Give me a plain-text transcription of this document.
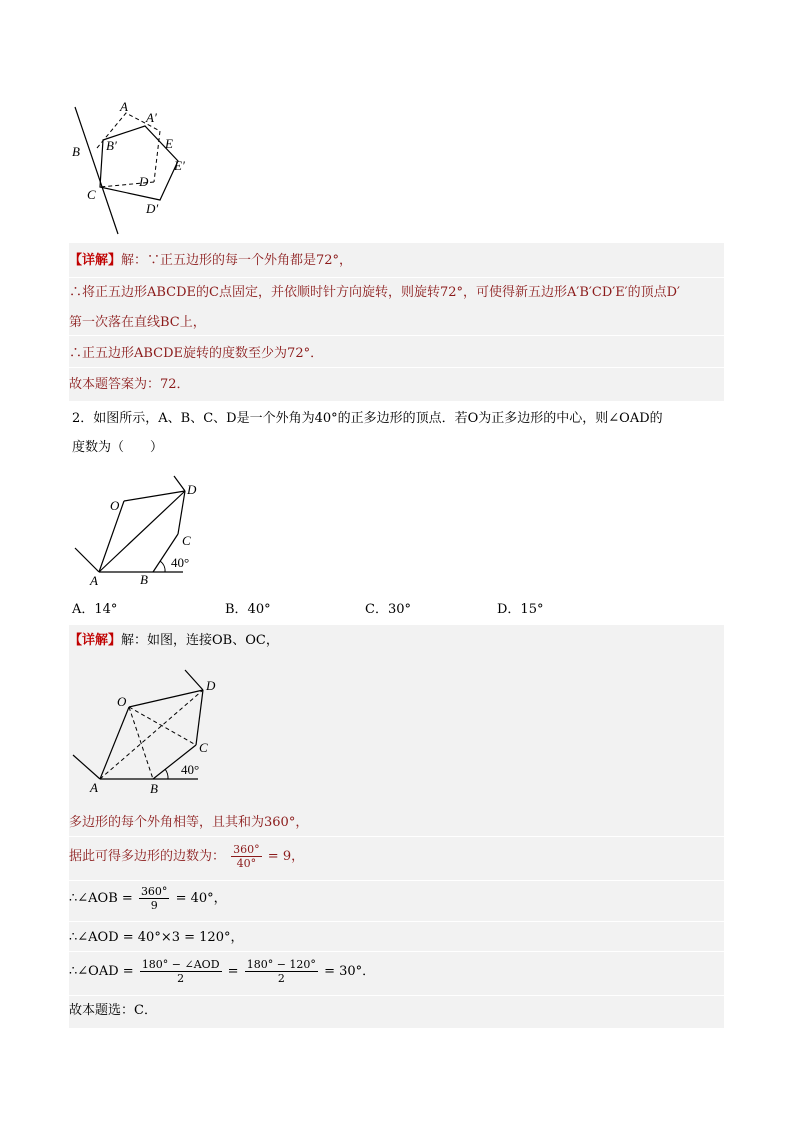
A
A′
B B′
C
D
D′
E
E′
【详解】解：∵正五边形的每一个外角都是72°，
∴将正五边形ABCDE的C点固定，并依顺时针方向旋转，则旋转72°，可使得新五边形A′B′CD′E′的顶点D′
第一次落在直线BC上，
∴正五边形ABCDE旋转的度数至少为72°．
故本题答案为：72．
2．如图所示，A、B、C、D是一个外角为40°的正多边形的顶点．若O为正多边形的中心，则∠OAD的
度数为（　　）
O
D
C
A	B
40°
A．14°	B．40°	C．30°	D．15°
【详解】解：如图，连接OB、OC，
O
D
C
A	B
40°
多边形的每个外角相等，且其和为360°，
据此可得多边形的边数为： $\frac{360^\circ}{40^\circ} = 9$，
∴∠AOB = $\frac{360^\circ}{9} = 40^\circ$，
∴∠AOD = 40°×3 = 120°，
∴∠OAD = $\frac{\text{180° − ∠AOD}}{2} = \frac{180^\circ - 120^\circ}{2} = 30^\circ$．
故本题选：C．
